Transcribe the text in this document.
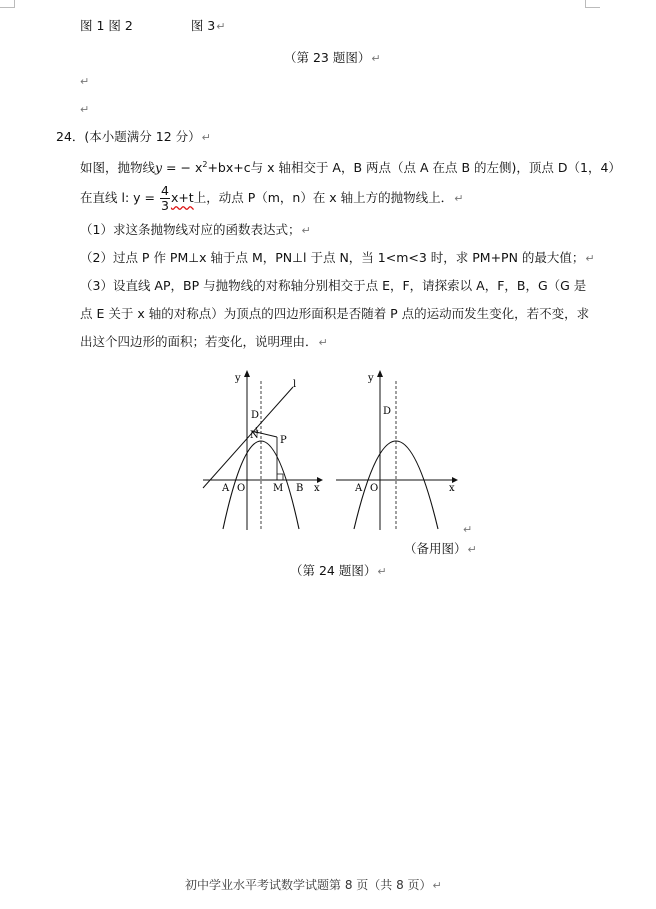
图 1 图 2	图 3↵
（第 23 题图）↵
↵
↵
24．(本小题满分 12 分）↵
如图，抛物线y = − $x^2+bx+c$与 x 轴相交于 A，B 两点（点 A 在点 B 的左侧)，顶点 D（1，4）
在直线 l: $y = \frac{4}{3} x+t$上，动点 P（m，n）在 x 轴上方的抛物线上．↵
（1）求这条抛物线对应的函数表达式；↵
（2）过点 P 作 PM⊥x 轴于点 M，PN⊥l 于点 N，当 1<m<3 时，求 PM+PN 的最大值；↵
（3）设直线 AP，BP 与抛物线的对称轴分别相交于点 E，F，请探索以 A，F，B，G（G 是
点 E 关于 x 轴的对称点）为顶点的四边形面积是否随着 P 点的运动而发生变化，若不变，求
出这个四边形的面积；若变化，说明理由．↵
y
l
D
N P
A O	M B x
y
D
A O	x
↵
（备用图）↵
（第 24 题图）↵
初中学业水平考试数学试题第 8 页（共 8 页）↵
